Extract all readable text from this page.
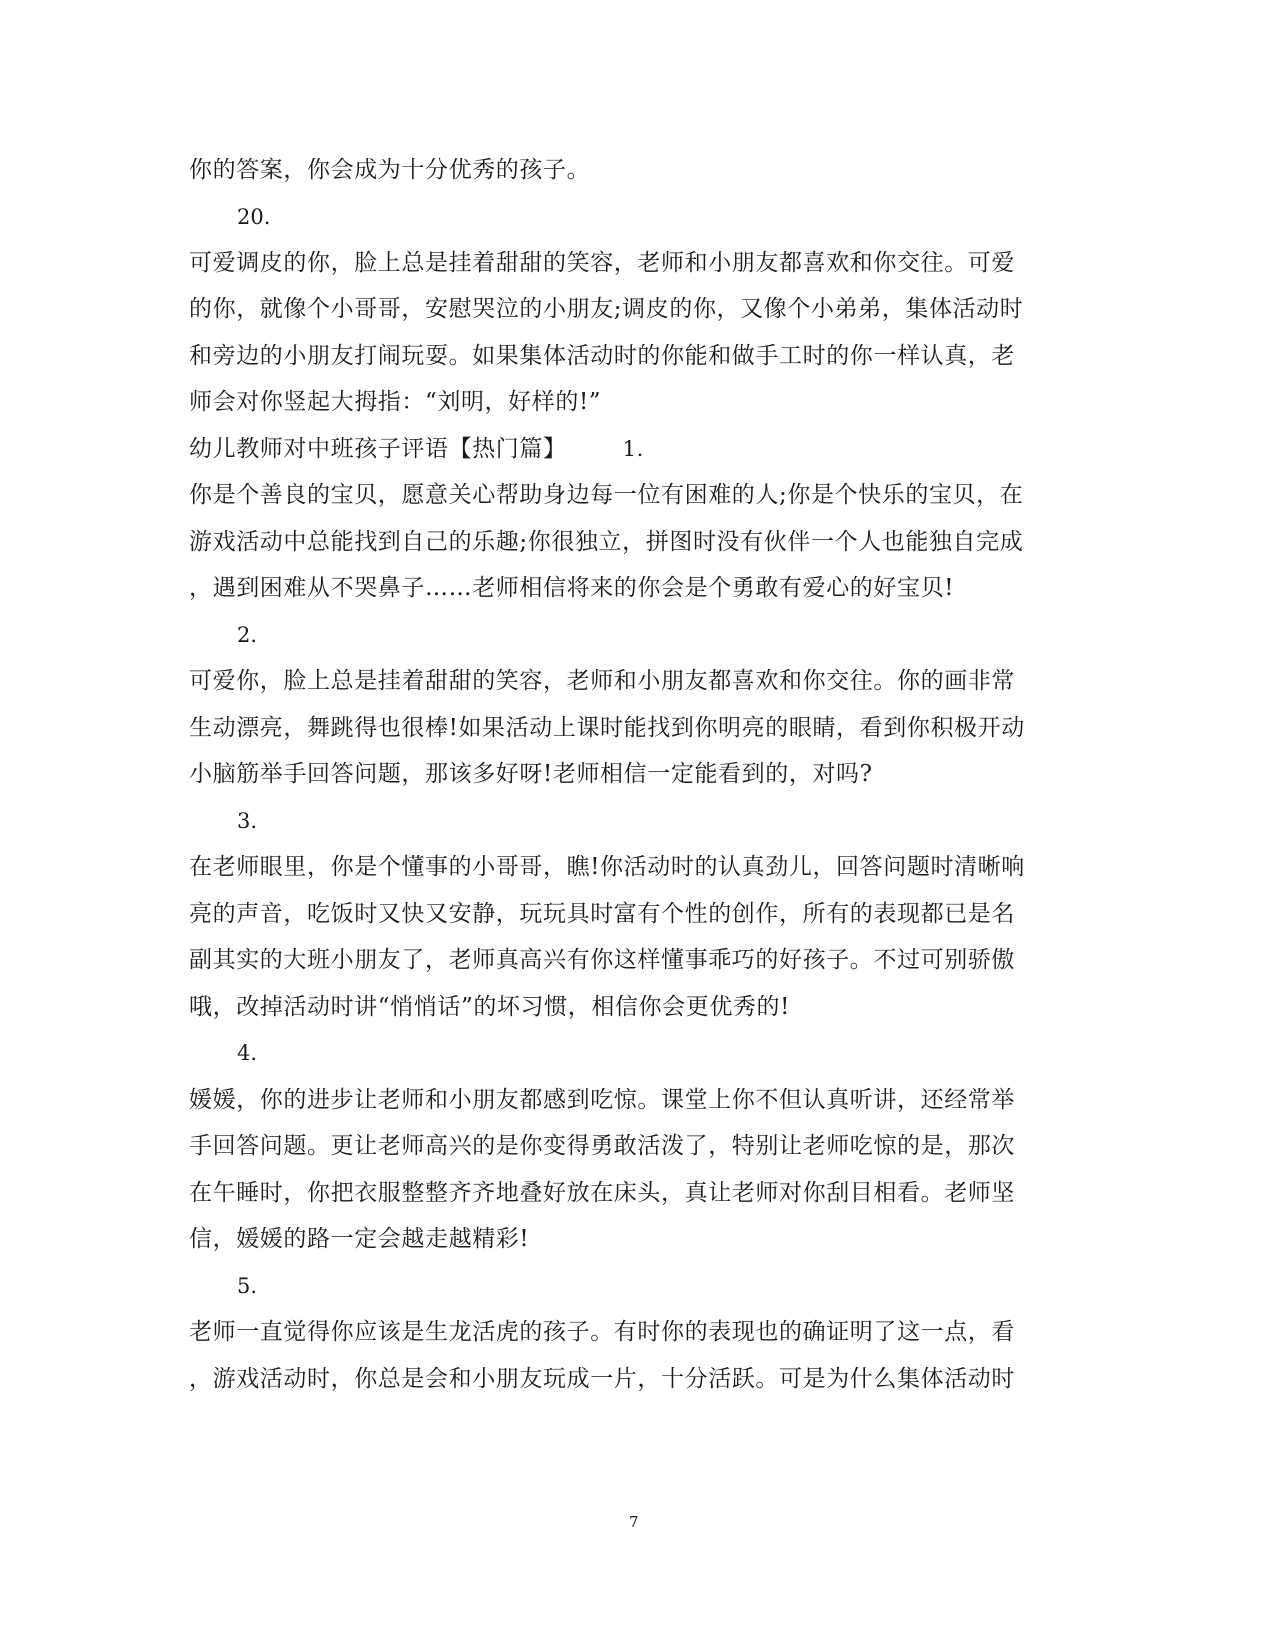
你的答案，你会成为十分优秀的孩子。
20.
可爱调皮的你，脸上总是挂着甜甜的笑容，老师和小朋友都喜欢和你交往。可爱
的你，就像个小哥哥，安慰哭泣的小朋友;调皮的你，又像个小弟弟，集体活动时
和旁边的小朋友打闹玩耍。如果集体活动时的你能和做手工时的你一样认真，老
师会对你竖起大拇指：“刘明，好样的!”
幼儿教师对中班孩子评语【热门篇】	1.
你是个善良的宝贝，愿意关心帮助身边每一位有困难的人;你是个快乐的宝贝，在
游戏活动中总能找到自己的乐趣;你很独立，拼图时没有伙伴一个人也能独自完成
，遇到困难从不哭鼻子……老师相信将来的你会是个勇敢有爱心的好宝贝!
2.
可爱你，脸上总是挂着甜甜的笑容，老师和小朋友都喜欢和你交往。你的画非常
生动漂亮，舞跳得也很棒!如果活动上课时能找到你明亮的眼睛，看到你积极开动
小脑筋举手回答问题，那该多好呀!老师相信一定能看到的，对吗?
3.
在老师眼里，你是个懂事的小哥哥，瞧!你活动时的认真劲儿，回答问题时清晰响
亮的声音，吃饭时又快又安静，玩玩具时富有个性的创作，所有的表现都已是名
副其实的大班小朋友了，老师真高兴有你这样懂事乖巧的好孩子。不过可别骄傲
哦，改掉活动时讲“悄悄话”的坏习惯，相信你会更优秀的!
4.
媛媛，你的进步让老师和小朋友都感到吃惊。课堂上你不但认真听讲，还经常举
手回答问题。更让老师高兴的是你变得勇敢活泼了，特别让老师吃惊的是，那次
在午睡时，你把衣服整整齐齐地叠好放在床头，真让老师对你刮目相看。老师坚
信，媛媛的路一定会越走越精彩!
5.
老师一直觉得你应该是生龙活虎的孩子。有时你的表现也的确证明了这一点，看
，游戏活动时，你总是会和小朋友玩成一片，十分活跃。可是为什么集体活动时
7
